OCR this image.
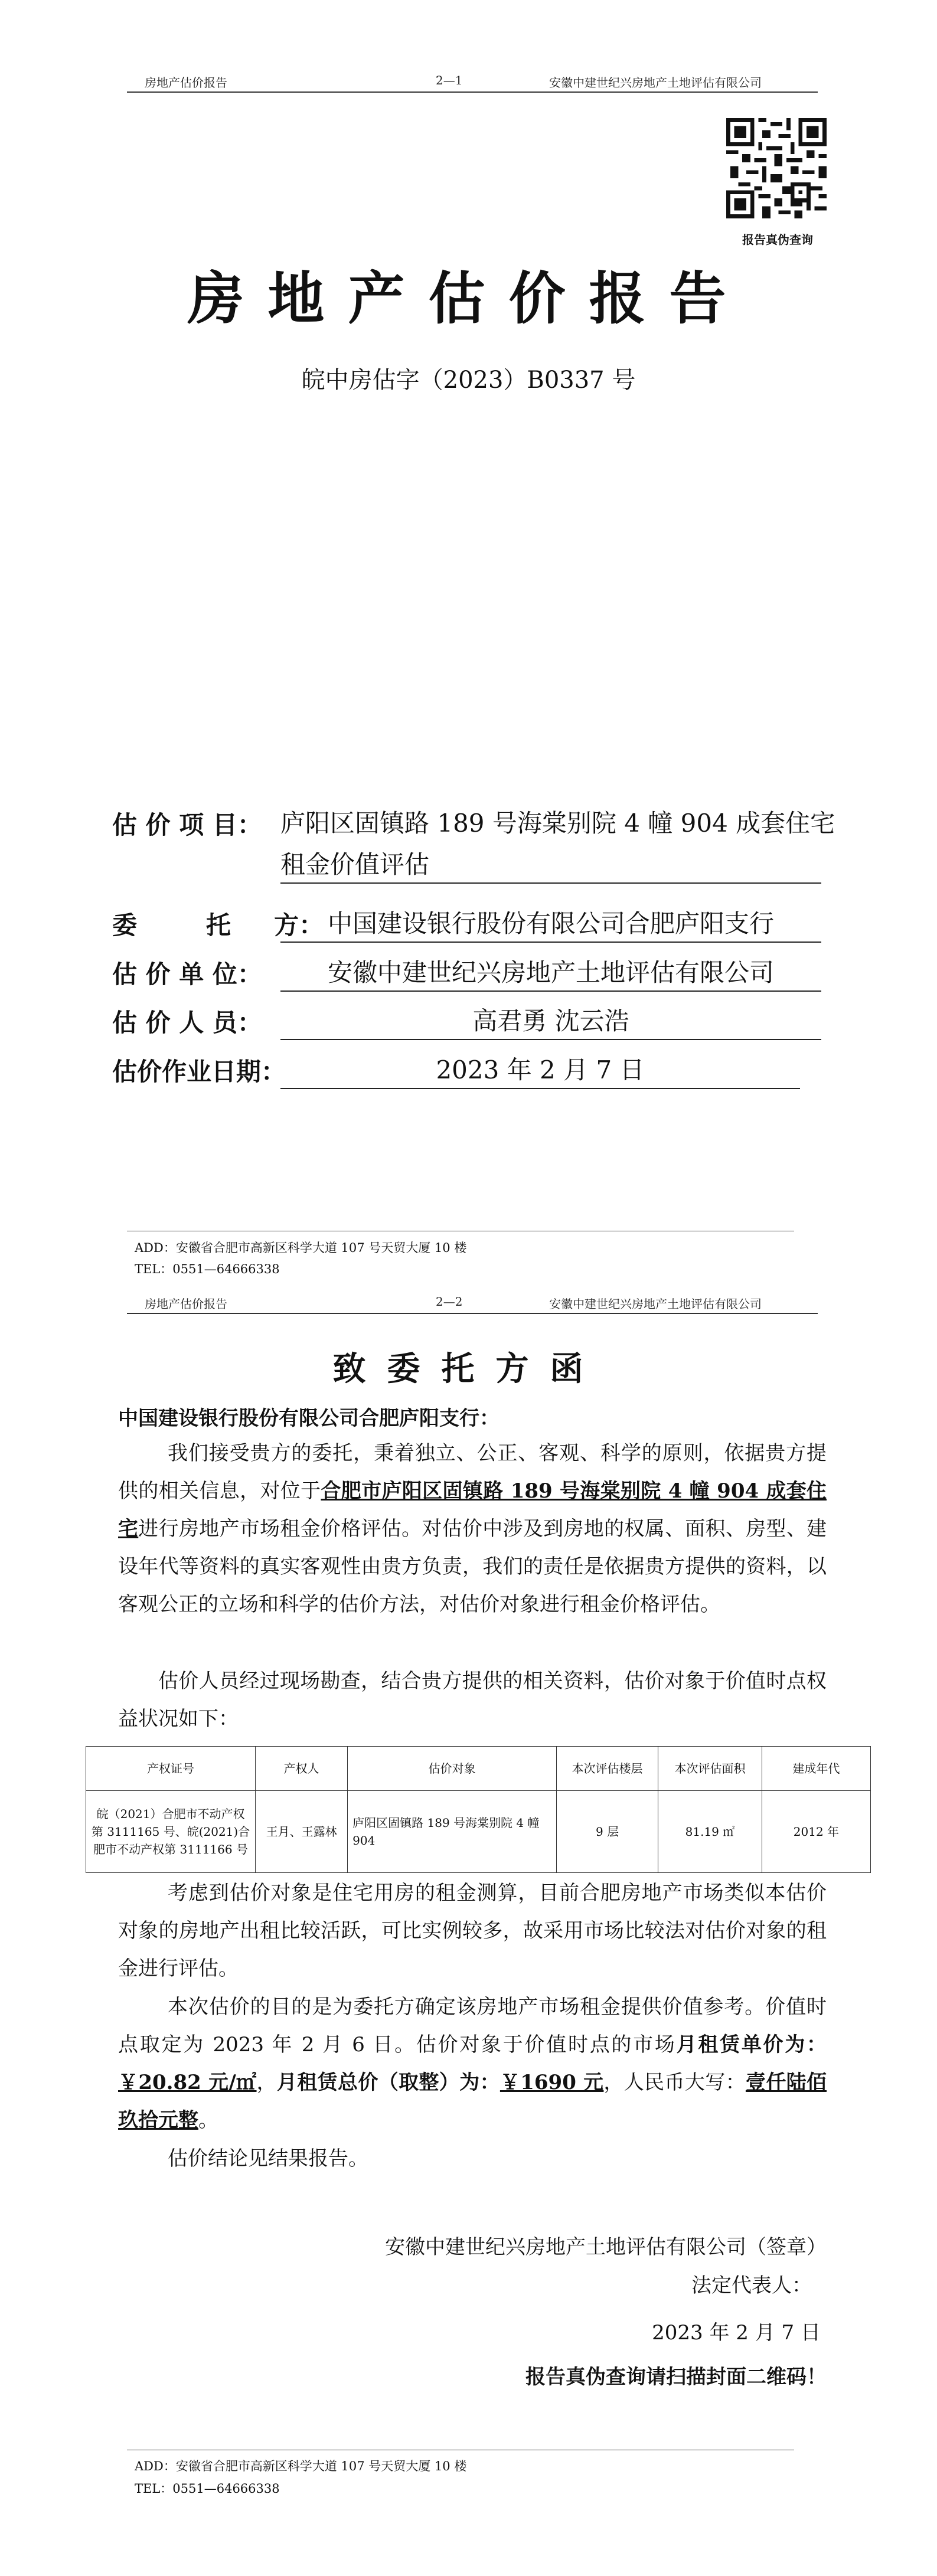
房地产估价报告	2—1	安徽中建世纪兴房地产土地评估有限公司
报告真伪查询
房地产估价报告
皖中房估字（2023）B0337 号
估 价 项 目： 庐阳区固镇路 189 号海棠别院 4 幢 904 成套住宅
租金价值评估
委        托     方： 中国建设银行股份有限公司合肥庐阳支行
估 价 单 位：	安徽中建世纪兴房地产土地评估有限公司
估 价 人 员：	高君勇 沈云浩
估价作业日期：	2023 年 2 月 7 日
ADD：安徽省合肥市高新区科学大道 107 号天贸大厦 10 楼
TEL：0551—64666338
房地产估价报告	2—2	安徽中建世纪兴房地产土地评估有限公司
致委托方函
中国建设银行股份有限公司合肥庐阳支行：
我们接受贵方的委托，秉着独立、公正、客观、科学的原则，依据贵方提供的相关信息，对位于合肥市庐阳区固镇路 189 号海棠别院 4 幢 904 成套住宅进行房地产市场租金价格评估。对估价中涉及到房地的权属、面积、房型、建设年代等资料的真实客观性由贵方负责，我们的责任是依据贵方提供的资料，以客观公正的立场和科学的估价方法，对估价对象进行租金价格评估。
估价人员经过现场勘查，结合贵方提供的相关资料，估价对象于价值时点权益状况如下：
产权证号	产权人	估价对象	本次评估楼层	本次评估面积	建成年代
皖（2021）合肥市不动产权第 3111165 号、皖(2021)合肥市不动产权第 3111166 号	王月、王露林	庐阳区固镇路 189 号海棠别院 4 幢 904	9 层	81.19 ㎡	2012 年
考虑到估价对象是住宅用房的租金测算，目前合肥房地产市场类似本估价对象的房地产出租比较活跃，可比实例较多，故采用市场比较法对估价对象的租金进行评估。
本次估价的目的是为委托方确定该房地产市场租金提供价值参考。价值时点取定为 2023 年 2 月 6 日。估价对象于价值时点的市场月租赁单价为：￥20.82 元/㎡，月租赁总价（取整）为：￥1690 元，人民币大写：壹仟陆佰玖拾元整。
估价结论见结果报告。
安徽中建世纪兴房地产土地评估有限公司（签章）
法定代表人：
2023 年 2 月 7 日
报告真伪查询请扫描封面二维码！
ADD：安徽省合肥市高新区科学大道 107 号天贸大厦 10 楼
TEL：0551—64666338
